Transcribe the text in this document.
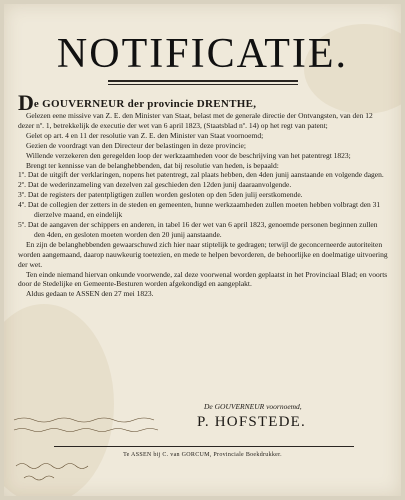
NOTIFICATIE.

De GOUVERNEUR der provincie DRENTHE,

Gelezen eene missive van Z. E. den Minister van Staat, belast met de generale directie der Ontvangsten, van den 12 dezer nº. 1, betrekkelijk de executie der wet van 6 april 1823, (Staatsblad nº. 14) op het regt van patent;

Gelet op art. 4 en 11 der resolutie van Z. E. den Minister van Staat voornoemd;

Gezien de voordragt van den Directeur der belastingen in deze provincie;

Willende verzekeren den geregelden loop der werkzaamheden voor de beschrijving van het patentregt 1823;

Brengt ter kennisse van de belanghebbenden, dat bij resolutie van heden, is bepaald:

1º. Dat de uitgift der verklaringen, nopens het patentregt, zal plaats hebben, den 4den junij aanstaande en volgende dagen.

2º. Dat de wederinzameling van dezelven zal geschieden den 12den junij daaraanvolgende.

3º. Dat de registers der patentpligtigen zullen worden gesloten op den 5den julij eerstkomende.

4º. Dat de collegien der zetters in de steden en gemeenten, hunne werkzaamheden zullen moeten hebben volbragt den 31 dierzelve maand, en eindelijk

5º. Dat de aangaven der schippers en anderen, in tabel 16 der wet van 6 april 1823, genoemde personen beginnen zullen den 4den, en gesloten moeten worden den 20 junij aanstaande.

En zijn de belanghebbenden gewaarschuwd zich hier naar stiptelijk te gedragen; terwijl de geconcerneerde autoriteiten worden aangemaand, daarop nauwkeurig toetezien, en mede te helpen bevorderen, de behoorlijke en doelmatige uitvoering der wet.

Ten einde niemand hiervan onkunde voorwende, zal deze voorwenal worden geplaatst in het Provinciaal Blad; en voorts door de Stedelijke en Gemeente-Besturen worden afgekondigd en aangeplakt.

Aldus gedaan te ASSEN den 27 mei 1823.

De GOUVERNEUR voornoemd,
P. HOFSTEDE.
Te ASSEN bij C. van GORCUM, Provinciale Boekdrukker.
